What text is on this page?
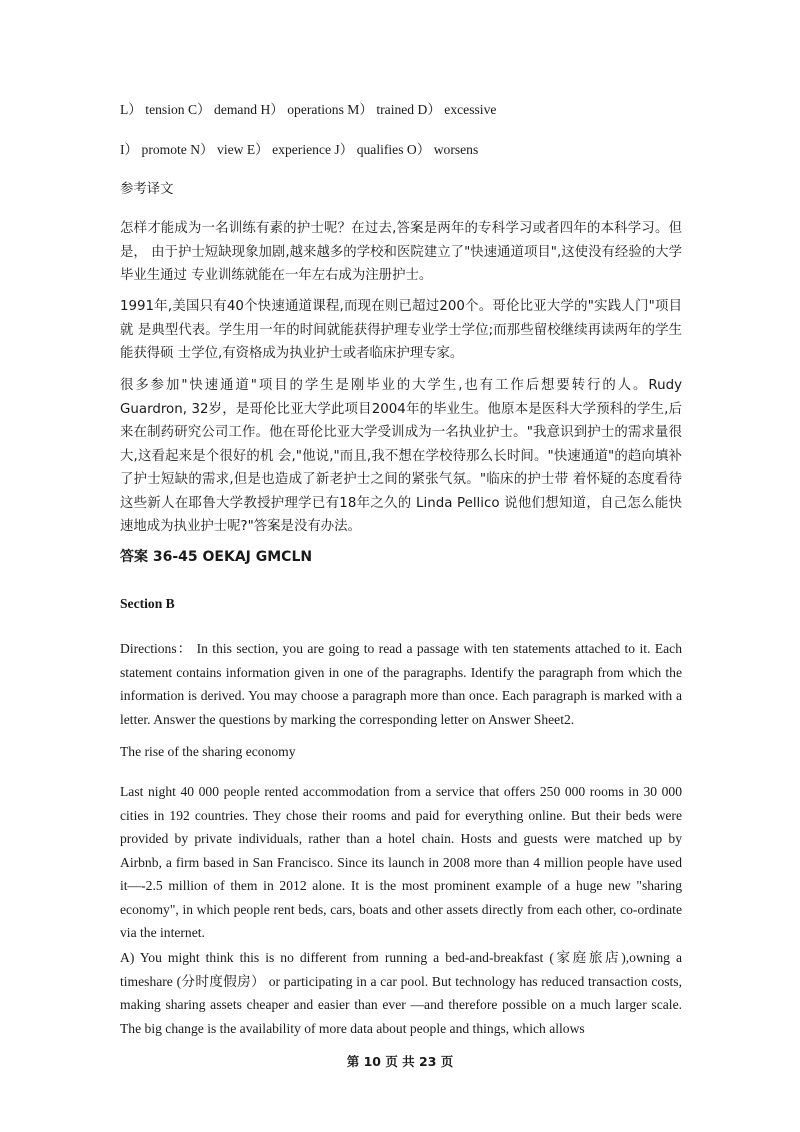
L） tension C） demand H） operations M） trained D） excessive

I） promote N） view E） experience J） qualifies O） worsens

参考译文

怎样才能成为一名训练有素的护士呢？在过去,答案是两年的专科学习或者四年的本科学习。但是， 由于护士短缺现象加剧,越来越多的学校和医院建立了"快速通道项目",这使没有经验的大学毕业生通过 专业训练就能在一年左右成为注册护士。

1991年,美国只有40个快速通道课程,而现在则已超过200个。哥伦比亚大学的"实践人门"项目就 是典型代表。学生用一年的时间就能获得护理专业学士学位;而那些留校继续再读两年的学生能获得硕 士学位,有资格成为执业护士或者临床护理专家。

很多参加"快速通道"项目的学生是刚毕业的大学生,也有工作后想要转行的人。Rudy Guardron, 32岁，是哥伦比亚大学此项目2004年的毕业生。他原本是医科大学预科的学生,后来在制药研究公司工作。他在哥伦比亚大学受训成为一名执业护士。"我意识到护士的需求量很大,这看起来是个很好的机 会,"他说,"而且,我不想在学校待那么长时间。"快速通道"的趋向填补了护士短缺的需求,但是也造成了新老护士之间的紧张气氛。"临床的护士带 着怀疑的态度看待这些新人在耶鲁大学教授护理学已有18年之久的 Linda Pellico 说他们想知道，自己怎么能快速地成为执业护士呢?"答案是没有办法。

答案 36-45 OEKAJ GMCLN

Section B

Directions： In this section, you are going to read a passage with ten statements attached to it. Each statement contains information given in one of the paragraphs. Identify the paragraph from which the information is derived. You may choose a paragraph more than once. Each paragraph is marked with a letter. Answer the questions by marking the corresponding letter on Answer Sheet2.

The rise of the sharing economy

Last night 40 000 people rented accommodation from a service that offers 250 000 rooms in 30 000 cities in 192 countries. They chose their rooms and paid for everything online. But their beds were provided by private individuals, rather than a hotel chain. Hosts and guests were matched up by Airbnb, a firm based in San Francisco. Since its launch in 2008 more than 4 million people have used it—-2.5 million of them in 2012 alone. It is the most prominent example of a huge new "sharing economy", in which people rent beds, cars, boats and other assets directly from each other, co-ordinate via the internet.

A) You might think this is no different from running a bed-and-breakfast (家庭旅店),owning a timeshare (分时度假房） or participating in a car pool. But technology has reduced transaction costs, making sharing assets cheaper and easier than ever —and therefore possible on a much larger scale. The big change is the availability of more data about people and things, which allows

第 10 页 共 23 页
